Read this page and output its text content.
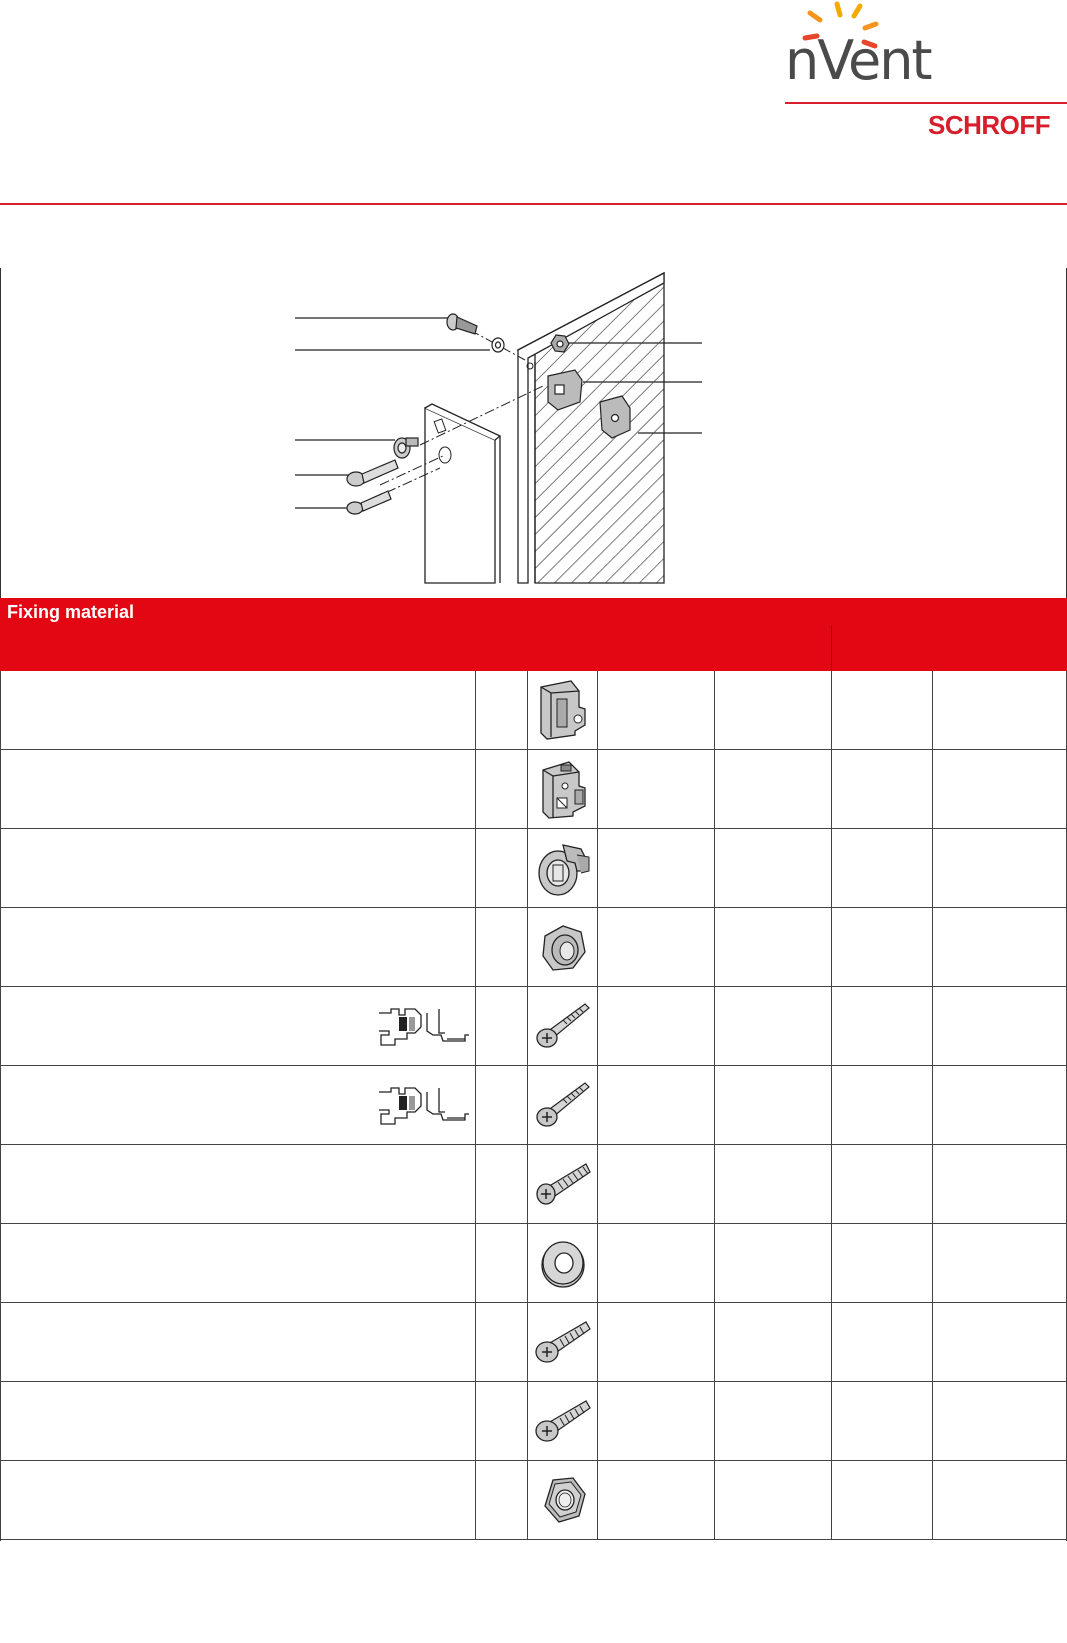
nVent
SCHROFF
Fixing material						
